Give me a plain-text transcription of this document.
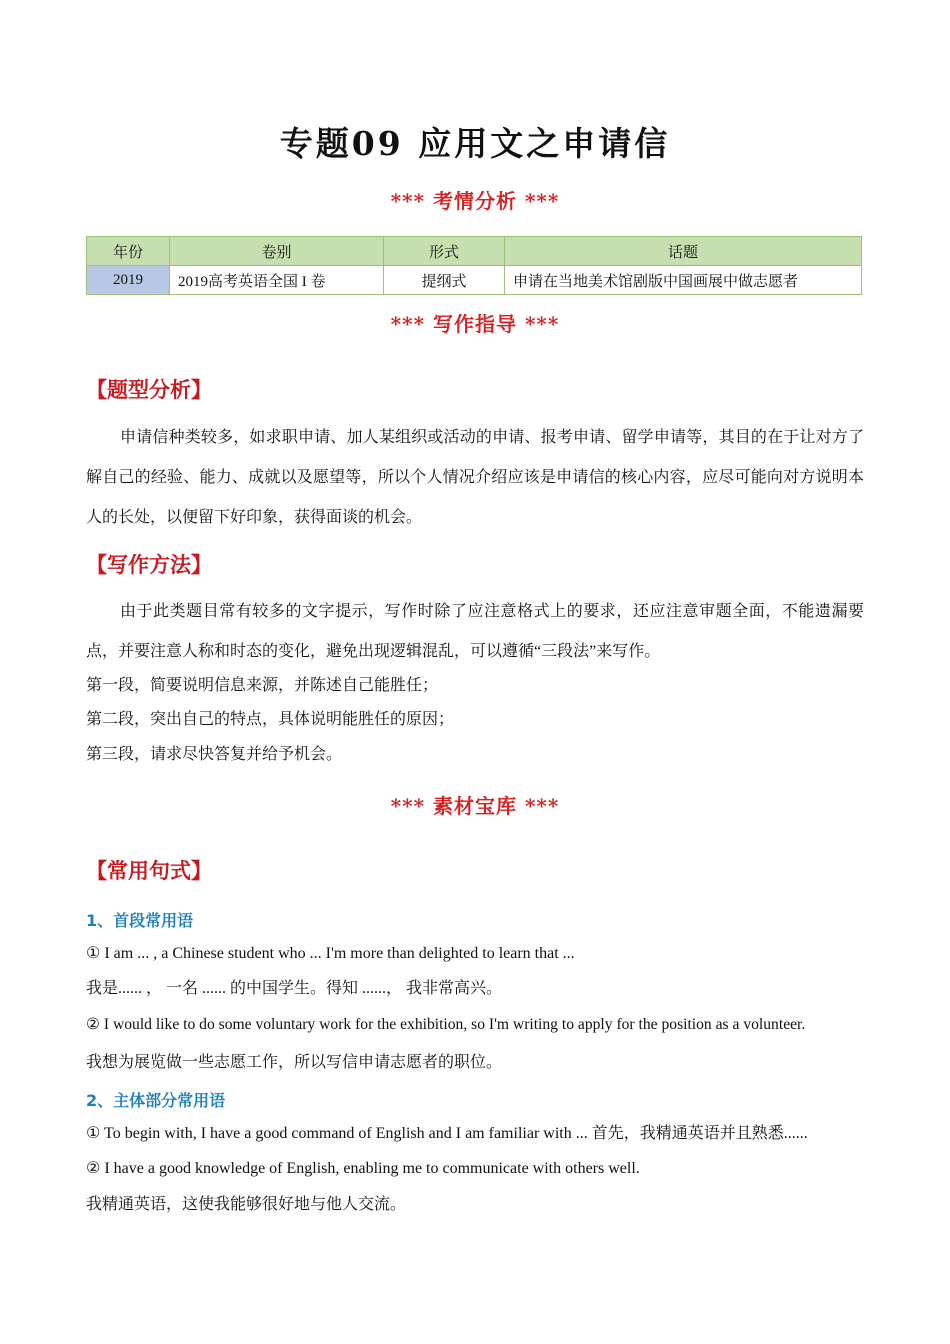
专题09 应用文之申请信
*** 考情分析 ***
年份	卷别	形式	话题
2019	2019高考英语全国 I 卷	提纲式	申请在当地美术馆剧版中国画展中做志愿者
*** 写作指导 ***
【题型分析】
申请信种类较多，如求职申请、加人某组织或活动的申请、报考申请、留学申请等，其目的在于让对方了解自己的经验、能力、成就以及愿望等，所以个人情况介绍应该是申请信的核心内容，应尽可能向对方说明本人的长处，以便留下好印象，获得面谈的机会。
【写作方法】
由于此类题目常有较多的文字提示，写作时除了应注意格式上的要求，还应注意审题全面，不能遗漏要点，并要注意人称和时态的变化，避免出现逻辑混乱，可以遵循“三段法”来写作。
第一段，简要说明信息来源，并陈述自己能胜任；
第二段，突出自己的特点，具体说明能胜任的原因；
第三段，请求尽快答复并给予机会。
*** 素材宝库 ***
【常用句式】
1、首段常用语
① I am ... , a Chinese student who ... I'm more than delighted to learn that ...
我是...... ， 一名 ...... 的中国学生。得知 ......， 我非常高兴。
② I would like to do some voluntary work for the exhibition, so I'm writing to apply for the position as a volunteer.
我想为展览做一些志愿工作，所以写信申请志愿者的职位。
2、主体部分常用语
① To begin with, I have a good command of English and I am familiar with ... 首先，我精通英语并且熟悉......
② I have a good knowledge of English, enabling me to communicate with others well.
我精通英语，这使我能够很好地与他人交流。
